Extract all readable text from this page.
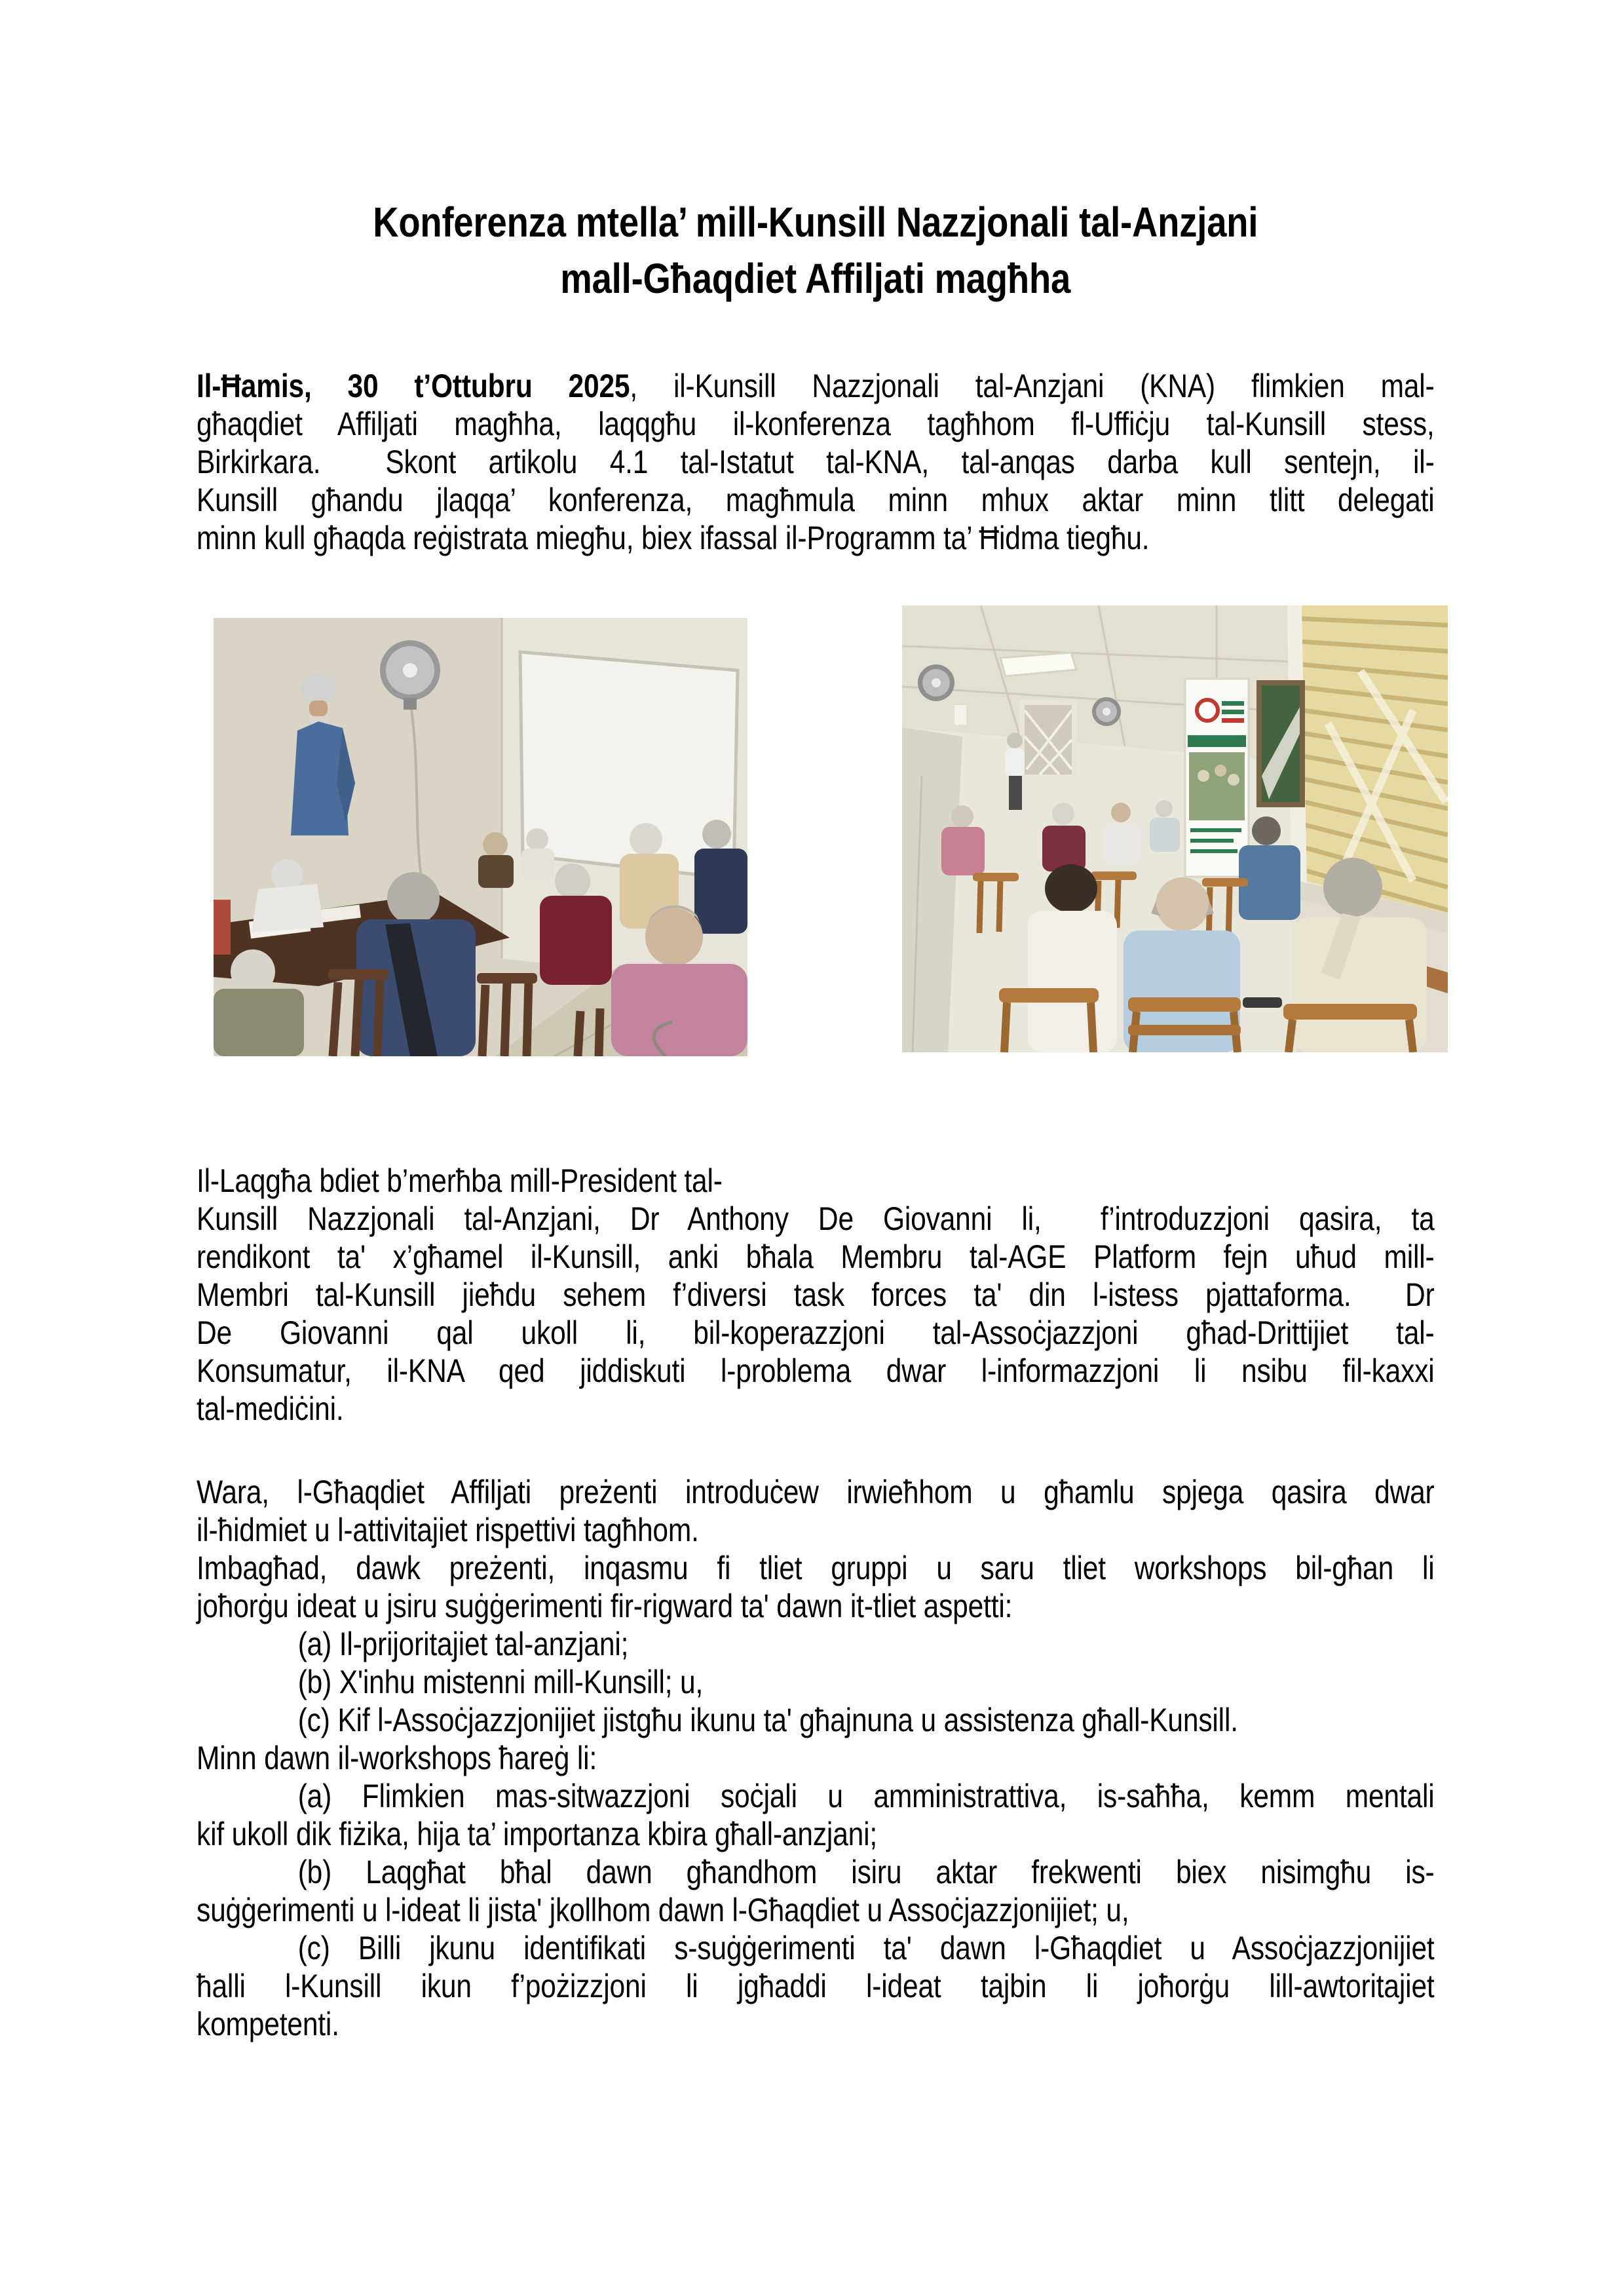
Konferenza mtella’ mill-Kunsill Nazzjonali tal-Anzjani
mall-Għaqdiet Affiljati magħha
Il-Ħamis, 30 t’Ottubru 2025, il-Kunsill Nazzjonali tal-Anzjani (KNA) flimkien mal-
għaqdiet Affiljati magħha, laqqgħu il-konferenza tagħhom fl-Uffiċju tal-Kunsill stess,
Birkirkara.  Skont artikolu 4.1 tal-Istatut tal-KNA, tal-anqas darba kull sentejn, il-
Kunsill għandu jlaqqa’ konferenza, magħmula minn mhux aktar minn tlitt delegati
minn kull għaqda reġistrata miegħu, biex ifassal il-Programm ta’ Ħidma tiegħu.
Il-Laqgħa bdiet b’merħba mill-President tal-
Kunsill Nazzjonali tal-Anzjani, Dr Anthony De Giovanni li,  f’introduzzjoni qasira, ta
rendikont ta' x’għamel il-Kunsill, anki bħala Membru tal-AGE Platform fejn uħud mill-
Membri tal-Kunsill jieħdu sehem f’diversi task forces ta' din l-istess pjattaforma.  Dr
De Giovanni qal ukoll li, bil-koperazzjoni tal-Assoċjazzjoni għad-Drittijiet tal-
Konsumatur, il-KNA qed jiddiskuti l-problema dwar l-informazzjoni li nsibu fil-kaxxi
tal-mediċini.
Wara, l-Għaqdiet Affiljati preżenti introduċew irwieħhom u għamlu spjega qasira dwar
il-ħidmiet u l-attivitajiet rispettivi tagħhom.
Imbagħad, dawk preżenti, inqasmu fi tliet gruppi u saru tliet workshops bil-għan li
joħorġu ideat u jsiru suġġerimenti fir-rigward ta' dawn it-tliet aspetti:
(a) Il-prijoritajiet tal-anzjani;
(b) X'inhu mistenni mill-Kunsill; u,
(c) Kif l-Assoċjazzjonijiet jistgħu ikunu ta' għajnuna u assistenza għall-Kunsill.
Minn dawn il-workshops ħareġ li:
(a) Flimkien mas-sitwazzjoni soċjali u amministrattiva, is-saħħa, kemm mentali
kif ukoll dik fiżika, hija ta’ importanza kbira għall-anzjani;
(b) Laqgħat bħal dawn għandhom isiru aktar frekwenti biex nisimgħu is-
suġġerimenti u l-ideat li jista' jkollhom dawn l-Għaqdiet u Assoċjazzjonijiet; u,
(c) Billi jkunu identifikati s-suġġerimenti ta' dawn l-Għaqdiet u Assoċjazzjonijiet
ħalli l-Kunsill ikun f’pożizzjoni li jgħaddi l-ideat tajbin li joħorġu lill-awtoritajiet
kompetenti.
